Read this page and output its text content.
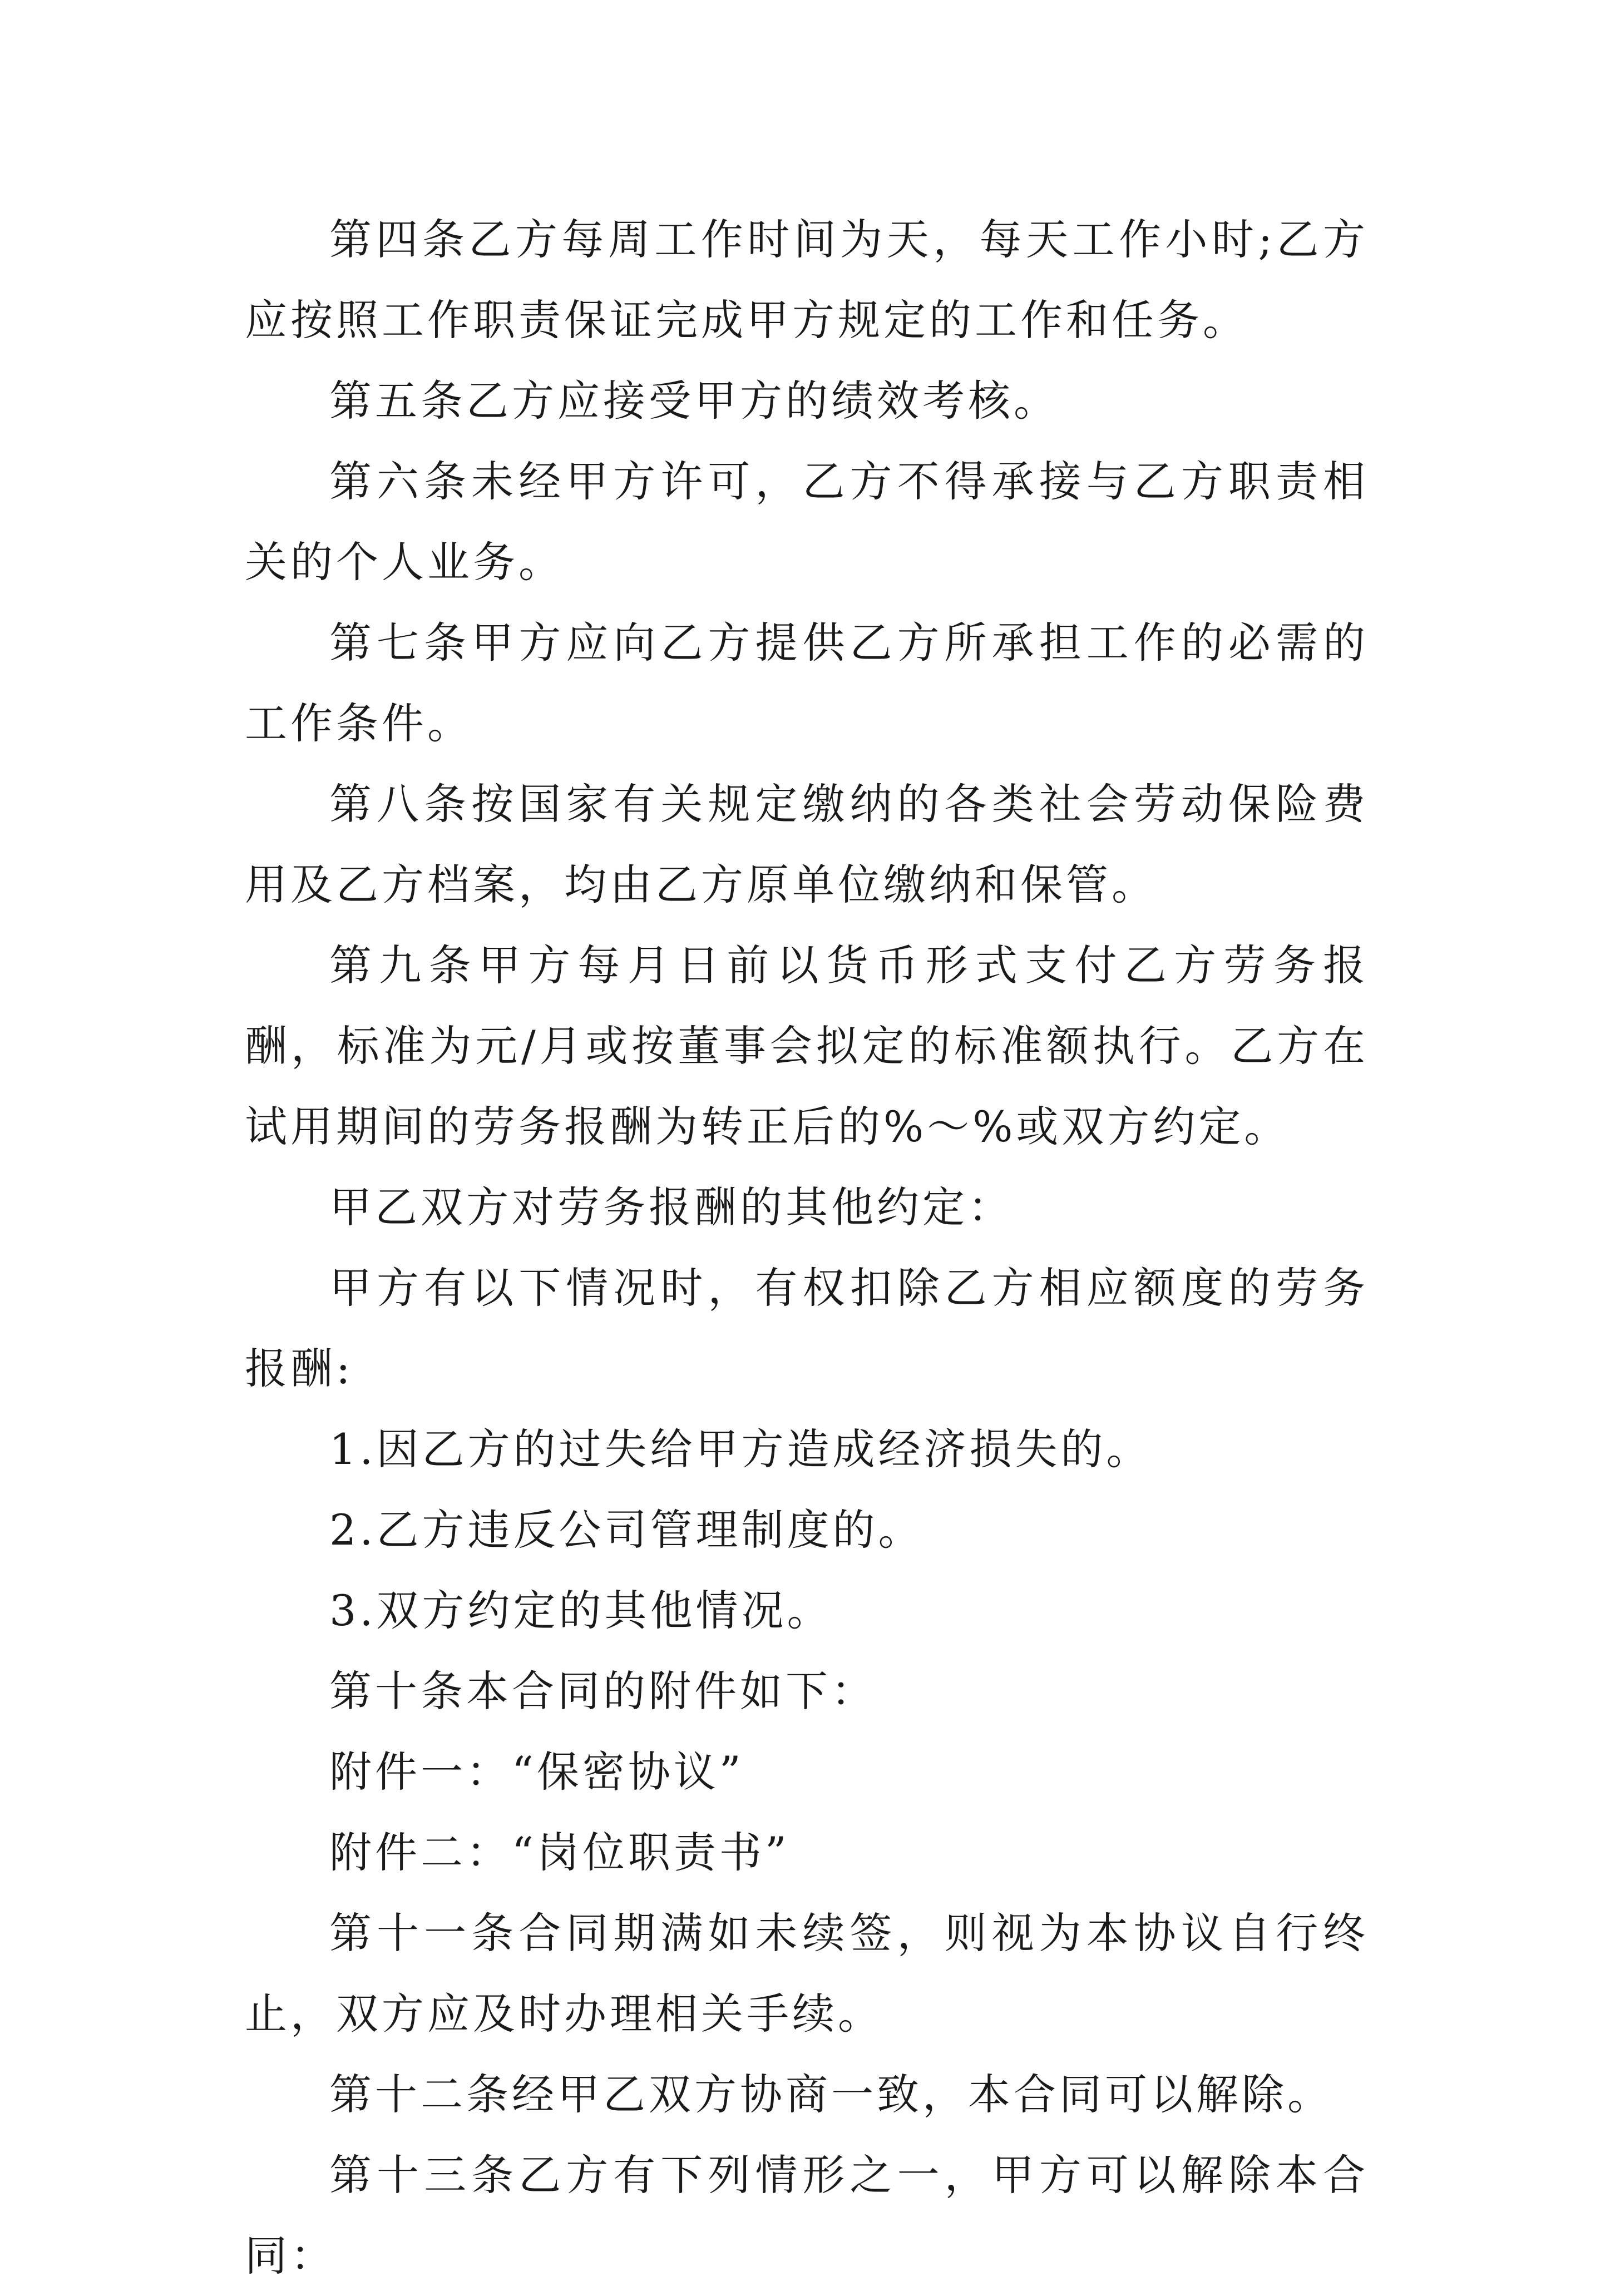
第四条乙方每周工作时间为天，每天工作小时;乙方应按照工作职责保证完成甲方规定的工作和任务。

第五条乙方应接受甲方的绩效考核。

第六条未经甲方许可，乙方不得承接与乙方职责相关的个人业务。

第七条甲方应向乙方提供乙方所承担工作的必需的工作条件。

第八条按国家有关规定缴纳的各类社会劳动保险费用及乙方档案，均由乙方原单位缴纳和保管。

第九条甲方每月日前以货币形式支付乙方劳务报酬，标准为元/月或按董事会拟定的标准额执行。乙方在试用期间的劳务报酬为转正后的%～%或双方约定。

甲乙双方对劳务报酬的其他约定：

甲方有以下情况时，有权扣除乙方相应额度的劳务报酬:

1.因乙方的过失给甲方造成经济损失的。

2.乙方违反公司管理制度的。

3.双方约定的其他情况。

第十条本合同的附件如下：

附件一：“保密协议”

附件二：“岗位职责书”

第十一条合同期满如未续签，则视为本协议自行终止，双方应及时办理相关手续。

第十二条经甲乙双方协商一致，本合同可以解除。

第十三条乙方有下列情形之一，甲方可以解除本合同：
